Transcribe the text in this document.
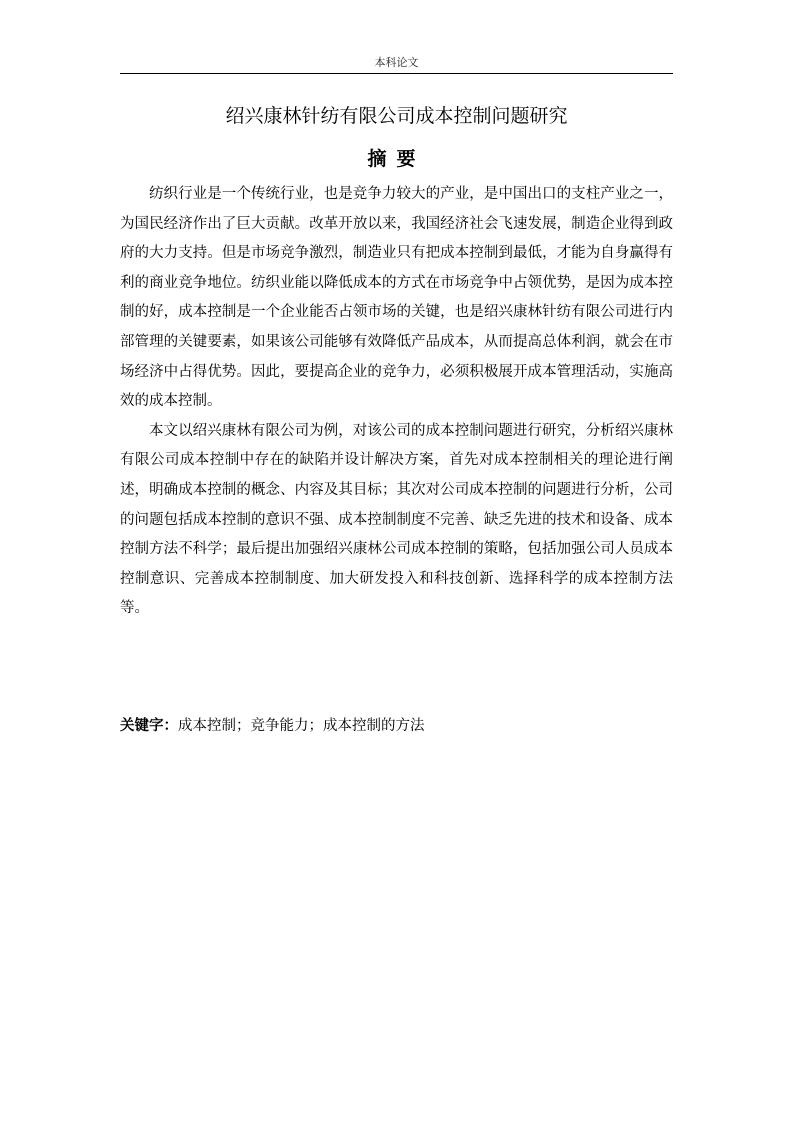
本科论文
绍兴康林针纺有限公司成本控制问题研究
摘要

纺织行业是一个传统行业，也是竞争力较大的产业，是中国出口的支柱产业之一，为国民经济作出了巨大贡献。改革开放以来，我国经济社会飞速发展，制造企业得到政府的大力支持。但是市场竞争激烈，制造业只有把成本控制到最低，才能为自身赢得有利的商业竞争地位。纺织业能以降低成本的方式在市场竞争中占领优势，是因为成本控制的好，成本控制是一个企业能否占领市场的关键，也是绍兴康林针纺有限公司进行内部管理的关键要素，如果该公司能够有效降低产品成本，从而提高总体利润，就会在市场经济中占得优势。因此，要提高企业的竞争力，必须积极展开成本管理活动，实施高效的成本控制。

本文以绍兴康林有限公司为例，对该公司的成本控制问题进行研究，分析绍兴康林有限公司成本控制中存在的缺陷并设计解决方案，首先对成本控制相关的理论进行阐述，明确成本控制的概念、内容及其目标；其次对公司成本控制的问题进行分析，公司的问题包括成本控制的意识不强、成本控制制度不完善、缺乏先进的技术和设备、成本控制方法不科学；最后提出加强绍兴康林公司成本控制的策略，包括加强公司人员成本控制意识、完善成本控制制度、加大研发投入和科技创新、选择科学的成本控制方法等。

关键字：成本控制；竞争能力；成本控制的方法
